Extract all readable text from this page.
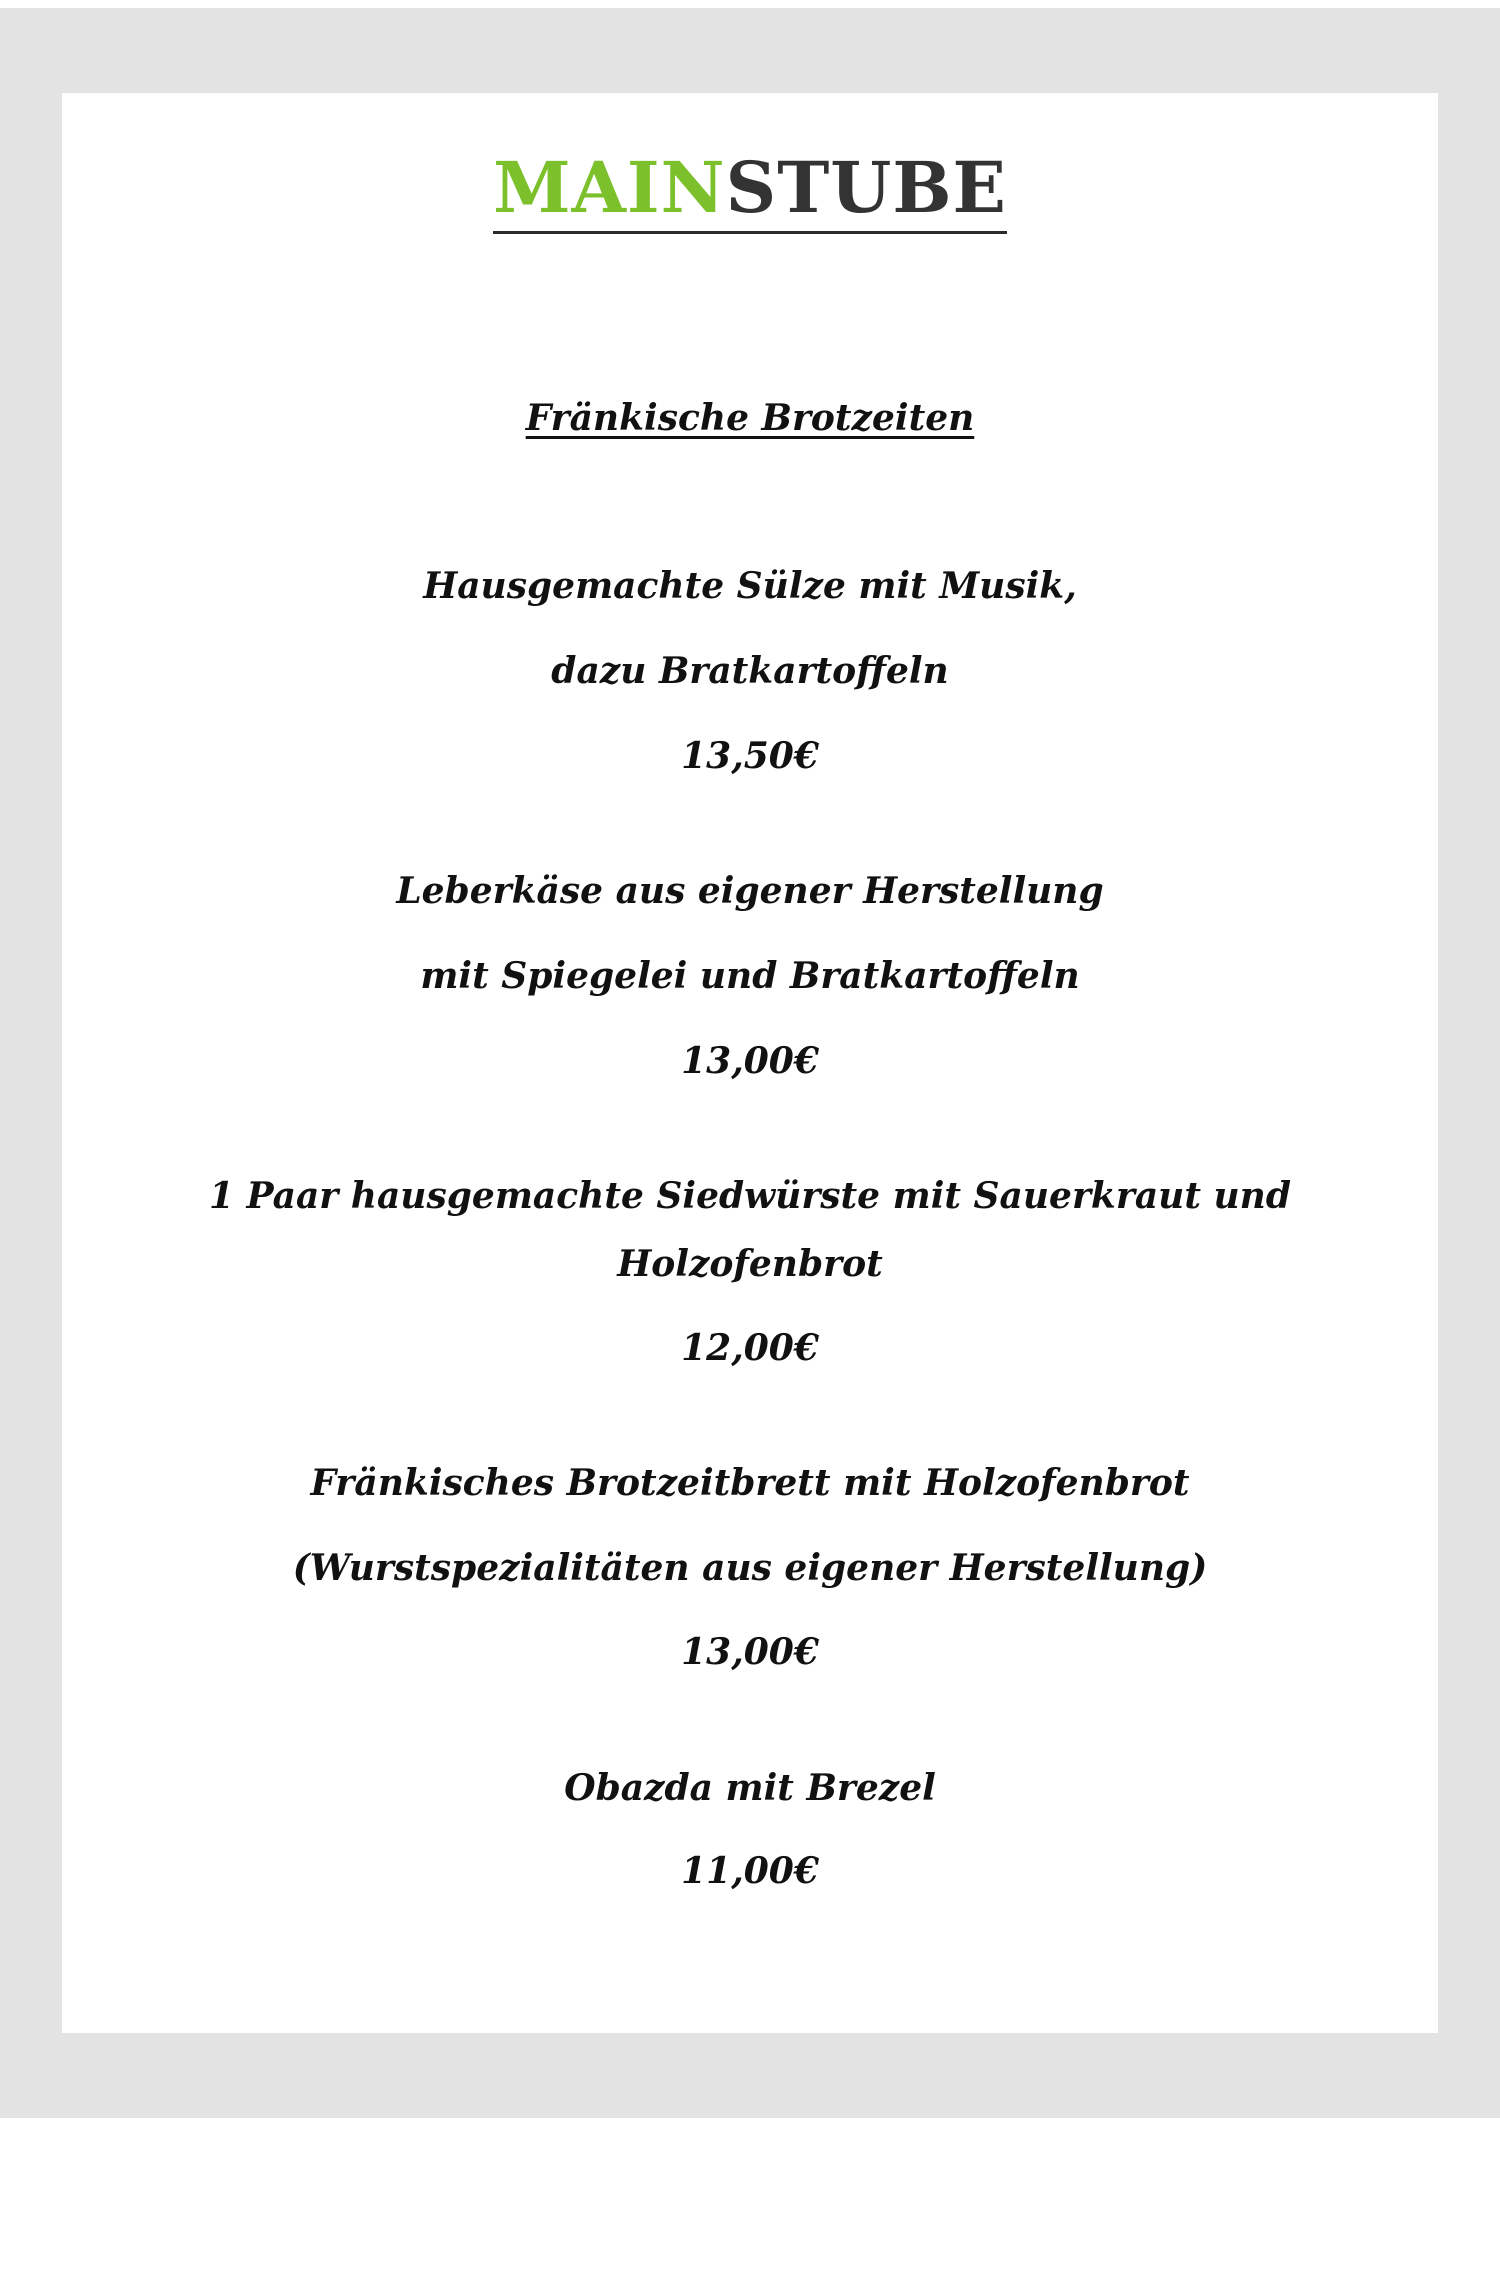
MAINSTUBE
Fränkische Brotzeiten
Hausgemachte Sülze mit Musik,
dazu Bratkartoffeln
13,50€
Leberkäse aus eigener Herstellung
mit Spiegelei und Bratkartoffeln
13,00€
1 Paar hausgemachte Siedwürste mit Sauerkraut und
Holzofenbrot
12,00€
Fränkisches Brotzeitbrett mit Holzofenbrot
(Wurstspezialitäten aus eigener Herstellung)
13,00€
Obazda mit Brezel
11,00€
